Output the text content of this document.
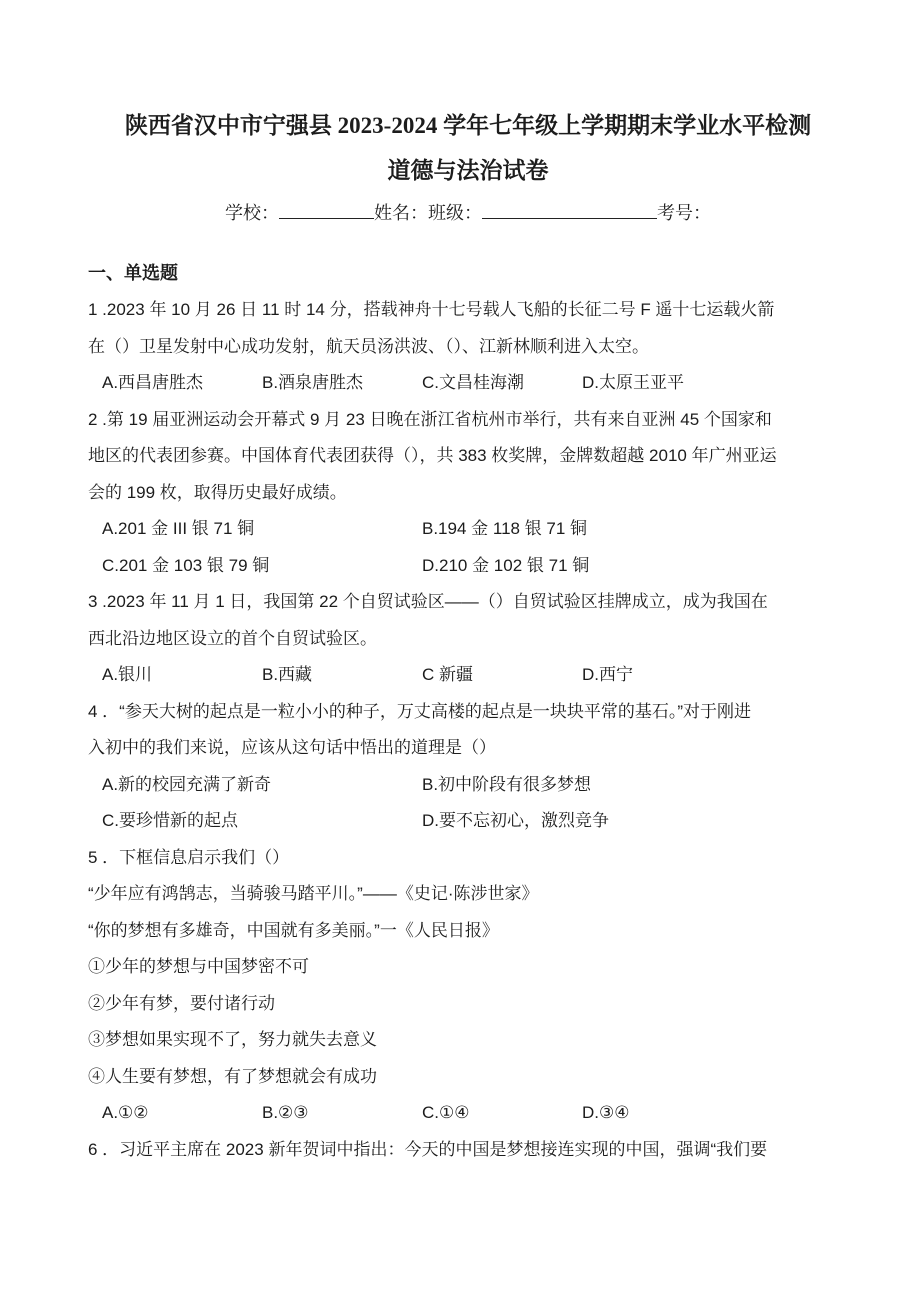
陕西省汉中市宁强县 2023-2024 学年七年级上学期期末学业水平检测
道德与法治试卷
学校：	姓名：班级：	考号：
一、单选题
1 .2023 年 10 月 26 日 11 时 14 分，搭载神舟十七号载人飞船的长征二号 F 遥十七运载火箭
在（）卫星发射中心成功发射，航天员汤洪波、（）、江新林顺利进入太空。
A.西昌唐胜杰	B.酒泉唐胜杰	C.文昌桂海潮	D.太原王亚平
2 .第 19 届亚洲运动会开幕式 9 月 23 日晚在浙江省杭州市举行，共有来自亚洲 45 个国家和
地区的代表团参赛。中国体育代表团获得（），共 383 枚奖牌，金牌数超越 2010 年广州亚运
会的 199 枚，取得历史最好成绩。
A.201 金 III 银 71 铜	B.194 金 118 银 71 铜
C.201 金 103 银 79 铜	D.210 金 102 银 71 铜
3 .2023 年 11 月 1 日，我国第 22 个自贸试验区——（）自贸试验区挂牌成立，成为我国在
西北沿边地区设立的首个自贸试验区。
A.银川	B.西藏	C 新疆	D.西宁
4 ．“参天大树的起点是一粒小小的种子，万丈高楼的起点是一块块平常的基石。”对于刚进
入初中的我们来说，应该从这句话中悟出的道理是（）
A.新的校园充满了新奇	B.初中阶段有很多梦想
C.要珍惜新的起点	D.要不忘初心，激烈竞争
5 ．下框信息启示我们（）
“少年应有鸿鹄志，当骑骏马踏平川。”——《史记·陈涉世家》
“你的梦想有多雄奇，中国就有多美丽。”一《人民日报》
①少年的梦想与中国梦密不可
②少年有梦，要付诸行动
③梦想如果实现不了，努力就失去意义
④人生要有梦想，有了梦想就会有成功
A.①②	B.②③	C.①④	D.③④
6 ．习近平主席在 2023 新年贺词中指出：今天的中国是梦想接连实现的中国，强调“我们要
